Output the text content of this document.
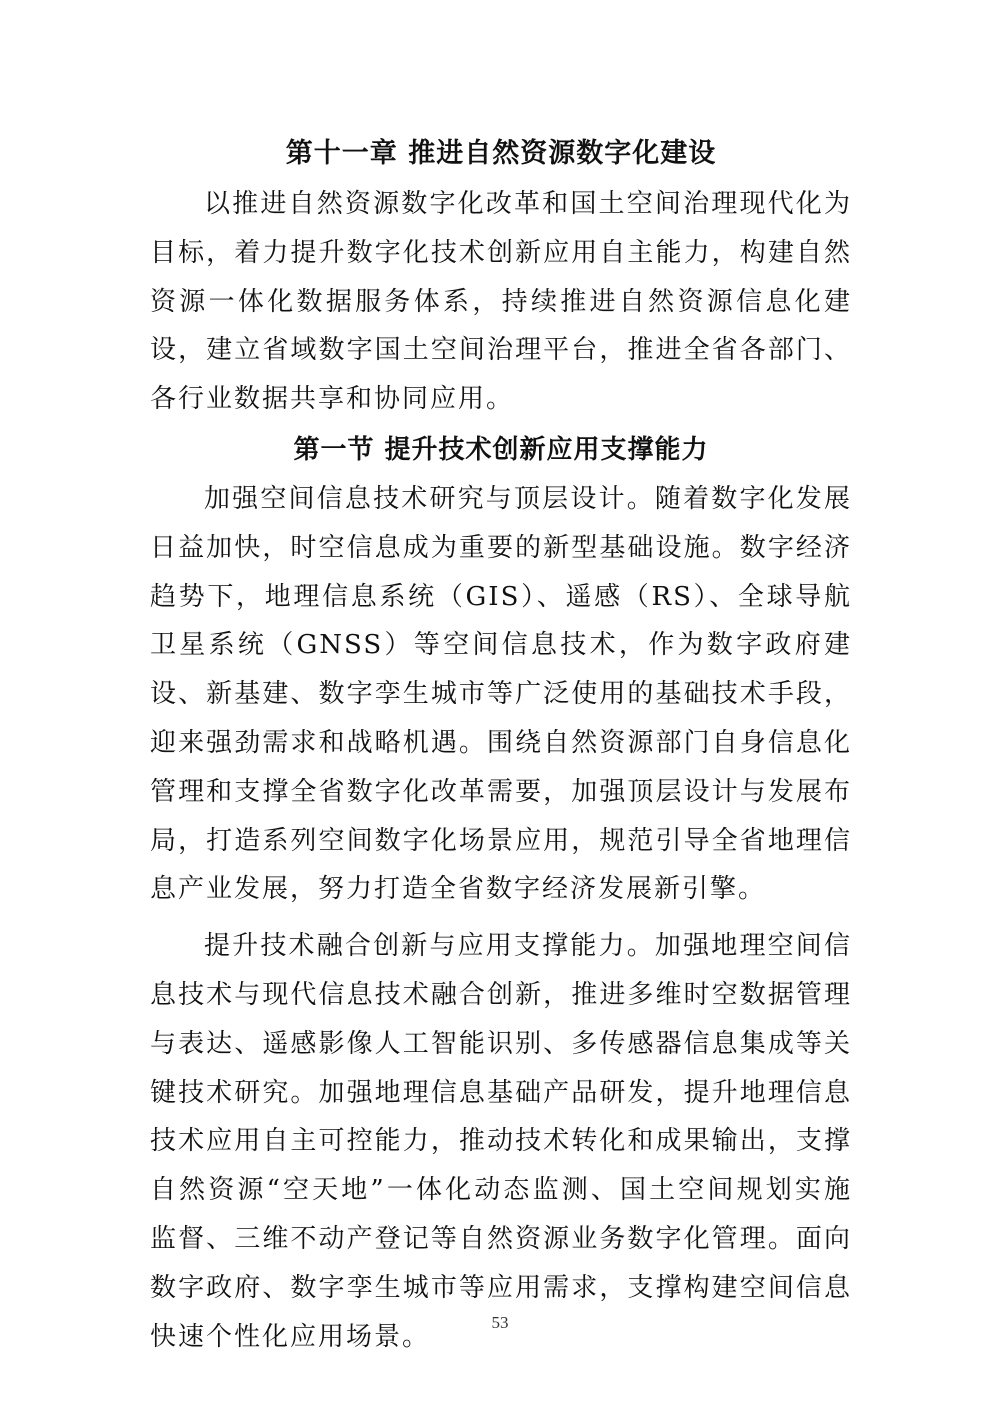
第十一章 推进自然资源数字化建设

以推进自然资源数字化改革和国土空间治理现代化为目标，着力提升数字化技术创新应用自主能力，构建自然资源一体化数据服务体系，持续推进自然资源信息化建设，建立省域数字国土空间治理平台，推进全省各部门、各行业数据共享和协同应用。

第一节 提升技术创新应用支撑能力

加强空间信息技术研究与顶层设计。随着数字化发展日益加快，时空信息成为重要的新型基础设施。数字经济趋势下，地理信息系统（GIS）、遥感（RS）、全球导航卫星系统（GNSS）等空间信息技术，作为数字政府建设、新基建、数字孪生城市等广泛使用的基础技术手段，迎来强劲需求和战略机遇。围绕自然资源部门自身信息化管理和支撑全省数字化改革需要，加强顶层设计与发展布局，打造系列空间数字化场景应用，规范引导全省地理信息产业发展，努力打造全省数字经济发展新引擎。

提升技术融合创新与应用支撑能力。加强地理空间信息技术与现代信息技术融合创新，推进多维时空数据管理与表达、遥感影像人工智能识别、多传感器信息集成等关键技术研究。加强地理信息基础产品研发，提升地理信息技术应用自主可控能力，推动技术转化和成果输出，支撑自然资源“空天地”一体化动态监测、国土空间规划实施监督、三维不动产登记等自然资源业务数字化管理。面向数字政府、数字孪生城市等应用需求，支撑构建空间信息快速个性化应用场景。	53
